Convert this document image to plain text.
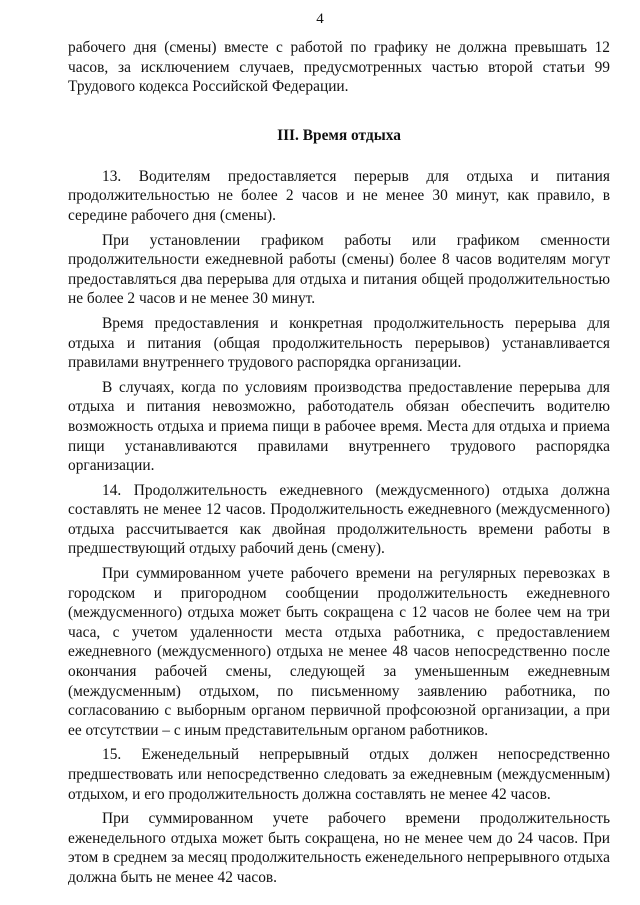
4

рабочего дня (смены) вместе с работой по графику не должна превышать 12 часов, за исключением случаев, предусмотренных частью второй статьи 99 Трудового кодекса Российской Федерации.

III. Время отдыха

13. Водителям предоставляется перерыв для отдыха и питания продолжительностью не более 2 часов и не менее 30 минут, как правило, в середине рабочего дня (смены).

При установлении графиком работы или графиком сменности продолжительности ежедневной работы (смены) более 8 часов водителям могут предоставляться два перерыва для отдыха и питания общей продолжительностью не более 2 часов и не менее 30 минут.

Время предоставления и конкретная продолжительность перерыва для отдыха и питания (общая продолжительность перерывов) устанавливается правилами внутреннего трудового распорядка организации.

В случаях, когда по условиям производства предоставление перерыва для отдыха и питания невозможно, работодатель обязан обеспечить водителю возможность отдыха и приема пищи в рабочее время. Места для отдыха и приема пищи устанавливаются правилами внутреннего трудового распорядка организации.

14. Продолжительность ежедневного (междусменного) отдыха должна составлять не менее 12 часов. Продолжительность ежедневного (междусменного) отдыха рассчитывается как двойная продолжительность времени работы в предшествующий отдыху рабочий день (смену).

При суммированном учете рабочего времени на регулярных перевозках в городском и пригородном сообщении продолжительность ежедневного (междусменного) отдыха может быть сокращена с 12 часов не более чем на три часа, с учетом удаленности места отдыха работника, с предоставлением ежедневного (междусменного) отдыха не менее 48 часов непосредственно после окончания рабочей смены, следующей за уменьшенным ежедневным (междусменным) отдыхом, по письменному заявлению работника, по согласованию с выборным органом первичной профсоюзной организации, а при ее отсутствии – с иным представительным органом работников.

15. Еженедельный непрерывный отдых должен непосредственно предшествовать или непосредственно следовать за ежедневным (междусменным) отдыхом, и его продолжительность должна составлять не менее 42 часов.

При суммированном учете рабочего времени продолжительность еженедельного отдыха может быть сокращена, но не менее чем до 24 часов. При этом в среднем за месяц продолжительность еженедельного непрерывного отдыха должна быть не менее 42 часов.
